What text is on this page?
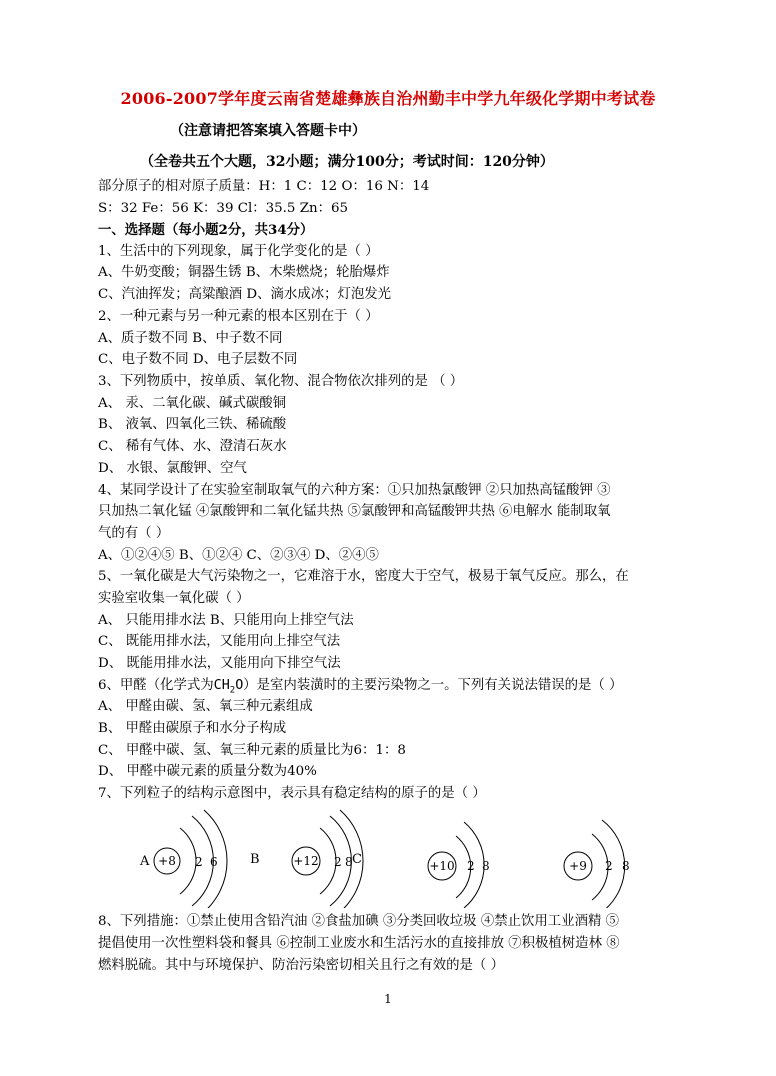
2006-2007学年度云南省楚雄彝族自治州勤丰中学九年级化学期中考试卷
（注意请把答案填入答题卡中）
（全卷共五个大题，32小题；满分100分；考试时间：120分钟）
部分原子的相对原子质量：H：1 C：12 O：16 N：14
S：32 Fe：56 K：39 Cl：35.5 Zn：65
一、选择题（每小题2分，共34分）
1、生活中的下列现象，属于化学变化的是（ ）
A、牛奶变酸；铜器生锈 B、木柴燃烧；轮胎爆炸
C、汽油挥发；高粱酿酒 D、滴水成冰；灯泡发光
2、一种元素与另一种元素的根本区别在于（ ）
A、质子数不同 B、中子数不同
C、电子数不同 D、电子层数不同
3、下列物质中，按单质、氧化物、混合物依次排列的是 （ ）
A、 汞、二氧化碳、碱式碳酸铜
B、 液氧、四氧化三铁、稀硫酸
C、 稀有气体、水、澄清石灰水
D、 水银、氯酸钾、空气
4、某同学设计了在实验室制取氧气的六种方案：①只加热氯酸钾 ②只加热高锰酸钾 ③
只加热二氧化锰 ④氯酸钾和二氧化锰共热 ⑤氯酸钾和高锰酸钾共热 ⑥电解水 能制取氧
气的有（ ）
A、①②④⑤ B、①②④ C、②③④ D、②④⑤
5、一氧化碳是大气污染物之一，它难溶于水，密度大于空气，极易于氧气反应。那么，在
实验室收集一氧化碳（ ）
A、 只能用排水法 B、只能用向上排空气法
C、 既能用排水法，又能用向上排空气法
D、 既能用排水法，又能用向下排空气法
6、甲醛（化学式为$CH_2O$）是室内装潢时的主要污染物之一。下列有关说法错误的是（ ）
A、 甲醛由碳、氢、氧三种元素组成
B、 甲醛由碳原子和水分子构成
C、 甲醛中碳、氢、氧三种元素的质量比为6：1：8
D、 甲醛中碳元素的质量分数为40%
7、下列粒子的结构示意图中，表示具有稳定结构的原子的是（ ）
A +8 2 6 B	+12 2 8 C	+10 2 8	+9 2 8
8、下列措施：①禁止使用含铅汽油 ②食盐加碘 ③分类回收垃圾 ④禁止饮用工业酒精 ⑤
提倡使用一次性塑料袋和餐具 ⑥控制工业废水和生活污水的直接排放 ⑦积极植树造林 ⑧
燃料脱硫。其中与环境保护、防治污染密切相关且行之有效的是（ ）
1
